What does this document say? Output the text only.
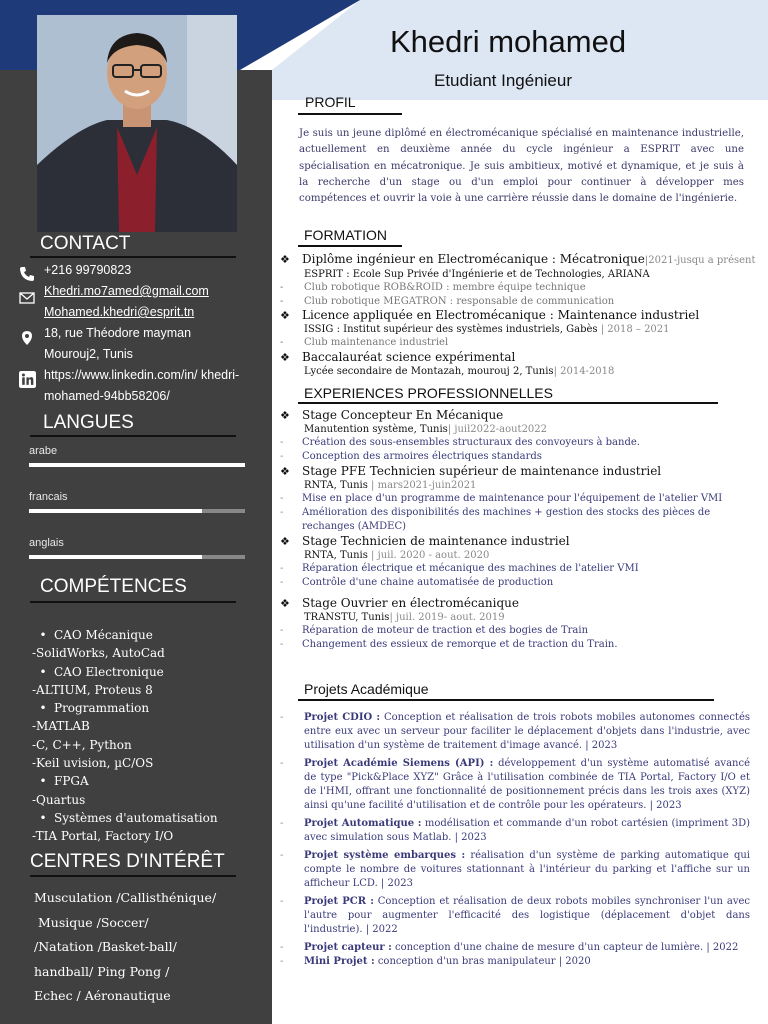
CONTACT
+216 99790823
Khedri.mo7amed@gmail.com
Mohamed.khedri@esprit.tn
18, rue Théodore mayman
Mourouj2, Tunis
https://www.linkedin.com/in/ khedri-
mohamed-94bb58206/
LANGUES
arabe
francais
anglais
COMPÉTENCES
• CAO Mécanique
-SolidWorks, AutoCad
• CAO Electronique
-ALTIUM, Proteus 8
• Programmation
-MATLAB
-C, C++, Python
-Keil uvision, µC/OS
• FPGA
-Quartus
• Systèmes d'automatisation
-TIA Portal, Factory I/O
CENTRES D'INTÉRÊT
Musculation /Callisthénique/
Musique /Soccer/
/Natation /Basket-ball/
handball/ Ping Pong /
Echec / Aéronautique
Khedri mohamed
Etudiant Ingénieur
PROFIL
Je suis un jeune diplômé en électromécanique spécialisé en maintenance industrielle, actuellement en deuxième année du cycle ingénieur a ESPRIT avec une spécialisation en mécatronique. Je suis ambitieux, motivé et dynamique, et je suis à la recherche d'un stage ou d'un emploi pour continuer à développer mes compétences et ouvrir la voie à une carrière réussie dans le domaine de l'ingénierie.
FORMATION
❖ Diplôme ingénieur en Electromécanique : Mécatronique|2021-jusqu a présent
ESPRIT : Ecole Sup Privée d'Ingénierie et de Technologies, ARIANA
- Club robotique ROB&ROID : membre équipe technique
- Club robotique MEGATRON : responsable de communication
❖ Licence appliquée en Electromécanique : Maintenance industriel
ISSIG : Institut supérieur des systèmes industriels, Gabès | 2018 – 2021
- Club maintenance industriel
❖ Baccalauréat science expérimental
Lycée secondaire de Montazah, mourouj 2, Tunis| 2014-2018
EXPERIENCES PROFESSIONNELLES
❖ Stage Concepteur En Mécanique
Manutention système, Tunis| juil2022-aout2022
- Création des sous-ensembles structuraux des convoyeurs à bande.
- Conception des armoires électriques standards
❖ Stage PFE Technicien supérieur de maintenance industriel
RNTA, Tunis | mars2021-juin2021
- Mise en place d'un programme de maintenance pour l'équipement de l'atelier VMI
- Amélioration des disponibilités des machines + gestion des stocks des pièces de rechanges (AMDEC)
❖ Stage Technicien de maintenance industriel
RNTA, Tunis | juil. 2020 - aout. 2020
- Réparation électrique et mécanique des machines de l'atelier VMI
- Contrôle d'une chaine automatisée de production
❖ Stage Ouvrier en électromécanique
TRANSTU, Tunis| juil. 2019- aout. 2019
- Réparation de moteur de traction et des bogies de Train
- Changement des essieux de remorque et de traction du Train.
Projets Académique
- Projet CDIO : Conception et réalisation de trois robots mobiles autonomes connectés entre eux avec un serveur pour faciliter le déplacement d'objets dans l'industrie, avec utilisation d'un système de traitement d'image avancé. | 2023
- Projet Académie Siemens (API) : développement d'un système automatisé avancé de type "Pick&Place XYZ" Grâce à l'utilisation combinée de TIA Portal, Factory I/O et de l'HMI, offrant une fonctionnalité de positionnement précis dans les trois axes (XYZ) ainsi qu'une facilité d'utilisation et de contrôle pour les opérateurs. | 2023
- Projet Automatique : modélisation et commande d'un robot cartésien (impriment 3D) avec simulation sous Matlab. | 2023
- Projet système embarques : réalisation d'un système de parking automatique qui compte le nombre de voitures stationnant à l'intérieur du parking et l'affiche sur un afficheur LCD. | 2023
- Projet PCR : Conception et réalisation de deux robots mobiles synchroniser l'un avec l'autre pour augmenter l'efficacité des logistique (déplacement d'objet dans l'industrie). | 2022
- Projet capteur : conception d'une chaine de mesure d'un capteur de lumière. | 2022
- Mini Projet : conception d'un bras manipulateur | 2020
